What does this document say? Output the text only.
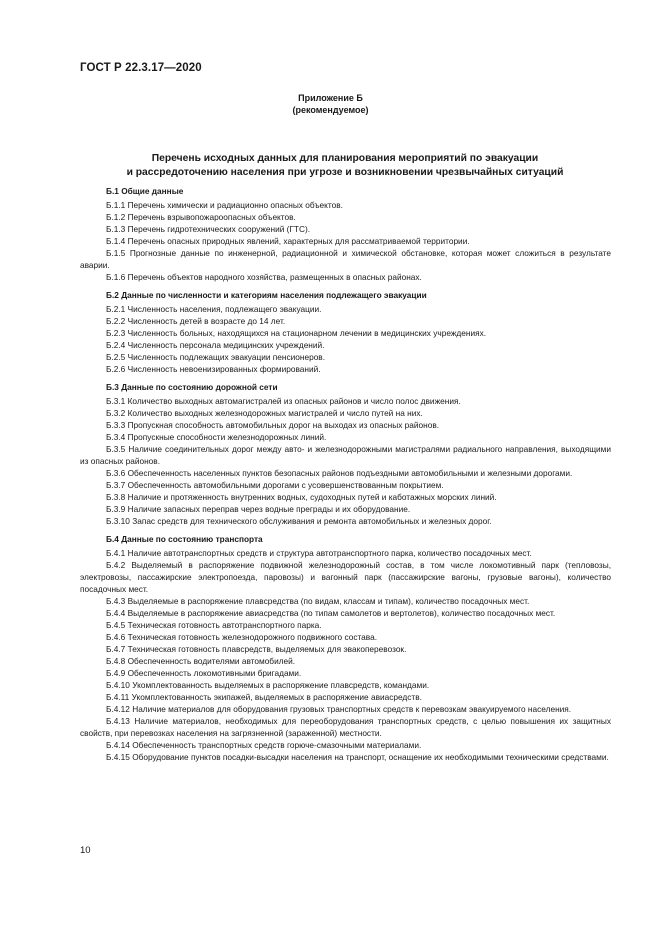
ГОСТ Р 22.3.17—2020
Приложение Б
(рекомендуемое)
Перечень исходных данных для планирования мероприятий по эвакуации
и рассредоточению населения при угрозе и возникновении чрезвычайных ситуаций
Б.1 Общие данные
Б.1.1 Перечень химически и радиационно опасных объектов.
Б.1.2 Перечень взрывопожароопасных объектов.
Б.1.3 Перечень гидротехнических сооружений (ГТС).
Б.1.4 Перечень опасных природных явлений, характерных для рассматриваемой территории.
Б.1.5 Прогнозные данные по инженерной, радиационной и химической обстановке, которая может сложиться в результате аварии.
Б.1.6 Перечень объектов народного хозяйства, размещенных в опасных районах.
Б.2 Данные по численности и категориям населения подлежащего эвакуации
Б.2.1 Численность населения, подлежащего эвакуации.
Б.2.2 Численность детей в возрасте до 14 лет.
Б.2.3 Численность больных, находящихся на стационарном лечении в медицинских учреждениях.
Б.2.4 Численность персонала медицинских учреждений.
Б.2.5 Численность подлежащих эвакуации пенсионеров.
Б.2.6 Численность невоенизированных формирований.
Б.3 Данные по состоянию дорожной сети
Б.3.1 Количество выходных автомагистралей из опасных районов и число полос движения.
Б.3.2 Количество выходных железнодорожных магистралей и число путей на них.
Б.3.3 Пропускная способность автомобильных дорог на выходах из опасных районов.
Б.3.4 Пропускные способности железнодорожных линий.
Б.3.5 Наличие соединительных дорог между авто- и железнодорожными магистралями радиального направления, выходящими из опасных районов.
Б.3.6 Обеспеченность населенных пунктов безопасных районов подъездными автомобильными и железными дорогами.
Б.3.7 Обеспеченность автомобильными дорогами с усовершенствованным покрытием.
Б.3.8 Наличие и протяженность внутренних водных, судоходных путей и каботажных морских линий.
Б.3.9 Наличие запасных переправ через водные преграды и их оборудование.
Б.3.10 Запас средств для технического обслуживания и ремонта автомобильных и железных дорог.
Б.4 Данные по состоянию транспорта
Б.4.1 Наличие автотранспортных средств и структура автотранспортного парка, количество посадочных мест.
Б.4.2 Выделяемый в распоряжение подвижной железнодорожный состав, в том числе локомотивный парк (тепловозы, электровозы, пассажирские электропоезда, паровозы) и вагонный парк (пассажирские вагоны, грузовые вагоны), количество посадочных мест.
Б.4.3 Выделяемые в распоряжение плавсредства (по видам, классам и типам), количество посадочных мест.
Б.4.4 Выделяемые в распоряжение авиасредства (по типам самолетов и вертолетов), количество посадочных мест.
Б.4.5 Техническая готовность автотранспортного парка.
Б.4.6 Техническая готовность железнодорожного подвижного состава.
Б.4.7 Техническая готовность плавсредств, выделяемых для эвакоперевозок.
Б.4.8 Обеспеченность водителями автомобилей.
Б.4.9 Обеспеченность локомотивными бригадами.
Б.4.10 Укомплектованность выделяемых в распоряжение плавсредств, командами.
Б.4.11 Укомплектованность экипажей, выделяемых в распоряжение авиасредств.
Б.4.12 Наличие материалов для оборудования грузовых транспортных средств к перевозкам эвакуируемого населения.
Б.4.13 Наличие материалов, необходимых для переоборудования транспортных средств, с целью повышения их защитных свойств, при перевозках населения на загрязненной (зараженной) местности.
Б.4.14 Обеспеченность транспортных средств горюче-смазочными материалами.
Б.4.15 Оборудование пунктов посадки-высадки населения на транспорт, оснащение их необходимыми техническими средствами.
10
